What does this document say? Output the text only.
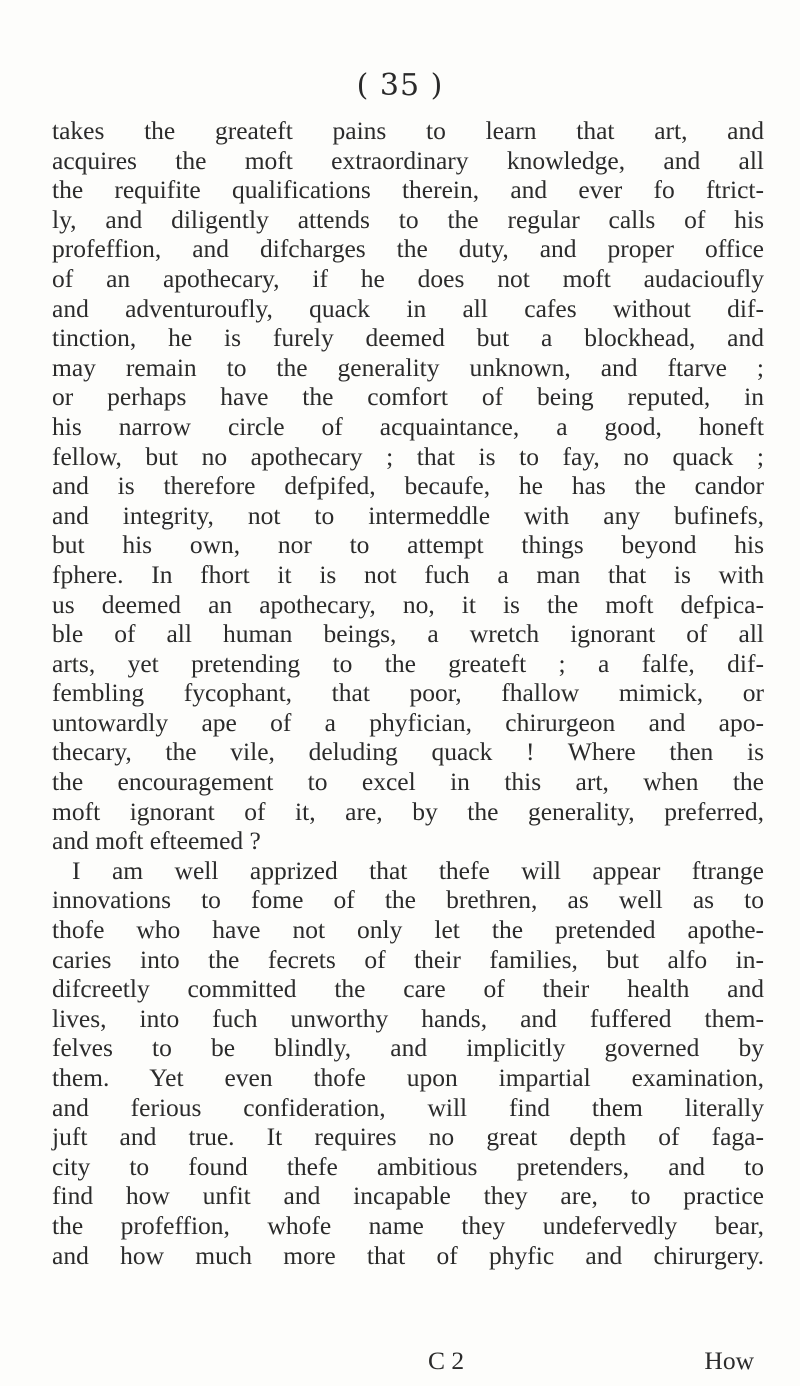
( 35 )
takes the greateft pains to learn that art, and
acquires the moft extraordinary knowledge, and all
the requifite qualifications therein, and ever fo ftrict-
ly, and diligently attends to the regular calls of his
profeffion, and difcharges the duty, and proper office
of an apothecary, if he does not moft audacioufly
and adventuroufly, quack in all cafes without dif-
tinction, he is furely deemed but a blockhead, and
may remain to the generality unknown, and ftarve ;
or perhaps have the comfort of being reputed, in
his narrow circle of acquaintance, a good, honeft
fellow, but no apothecary ; that is to fay, no quack ;
and is therefore defpifed, becaufe, he has the candor
and integrity, not to intermeddle with any bufinefs,
but his own, nor to attempt things beyond his
fphere. In fhort it is not fuch a man that is with
us deemed an apothecary, no, it is the moft defpica-
ble of all human beings, a wretch ignorant of all
arts, yet pretending to the greateft ; a falfe, dif-
fembling fycophant, that poor, fhallow mimick, or
untowardly ape of a phyfician, chirurgeon and apo-
thecary, the vile, deluding quack ! Where then is
the encouragement to excel in this art, when the
moft ignorant of it, are, by the generality, preferred,
and moft efteemed ?
I am well apprized that thefe will appear ftrange
innovations to fome of the brethren, as well as to
thofe who have not only let the pretended apothe-
caries into the fecrets of their families, but alfo in-
difcreetly committed the care of their health and
lives, into fuch unworthy hands, and fuffered them-
felves to be blindly, and implicitly governed by
them. Yet even thofe upon impartial examination,
and ferious confideration, will find them literally
juft and true. It requires no great depth of faga-
city to found thefe ambitious pretenders, and to
find how unfit and incapable they are, to practice
the profeffion, whofe name they undefervedly bear,
and how much more that of phyfic and chirurgery.
C 2	How
